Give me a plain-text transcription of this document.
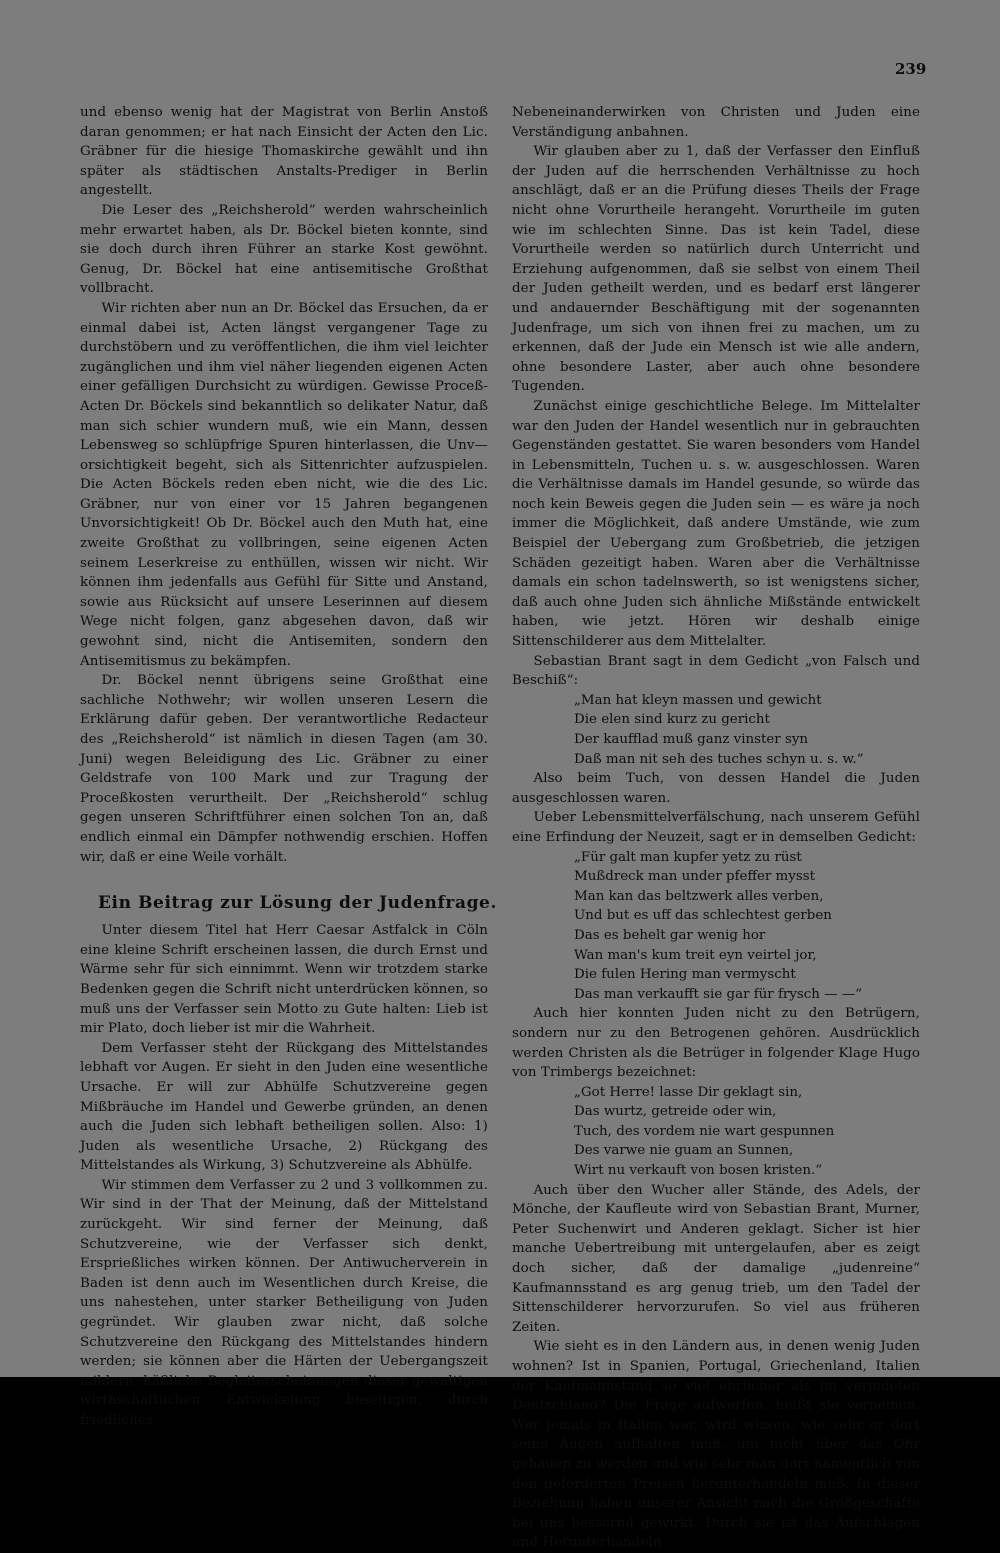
239

und ebenso wenig hat der Magistrat von Berlin Anstoß daran genommen; er hat nach Einsicht der Acten den Lic. Gräbner für die hiesige Thomaskirche gewählt und ihn später als städtischen Anstalts-Prediger in Berlin angestellt.

Die Leser des „Reichsherold“ werden wahrscheinlich mehr erwartet haben, als Dr. Böckel bieten konnte, sind sie doch durch ihren Führer an starke Kost gewöhnt. Genug, Dr. Böckel hat eine antisemitische Großthat vollbracht.

Wir richten aber nun an Dr. Böckel das Ersuchen, da er einmal dabei ist, Acten längst vergangener Tage zu durchstöbern und zu veröffentlichen, die ihm viel leichter zugänglichen und ihm viel näher liegenden eigenen Acten einer gefälligen Durchsicht zu würdigen. Gewisse Proceß-Acten Dr. Böckels sind bekanntlich so delikater Natur, daß man sich schier wundern muß, wie ein Mann, dessen Lebensweg so schlüpfrige Spuren hinterlassen, die Unv—orsichtigkeit begeht, sich als Sittenrichter aufzuspielen. Die Acten Böckels reden eben nicht, wie die des Lic. Gräbner, nur von einer vor 15 Jahren begangenen Unvorsichtigkeit! Ob Dr. Böckel auch den Muth hat, eine zweite Großthat zu vollbringen, seine eigenen Acten seinem Leserkreise zu enthüllen, wissen wir nicht. Wir können ihm jedenfalls aus Gefühl für Sitte und Anstand, sowie aus Rücksicht auf unsere Leserinnen auf diesem Wege nicht folgen, ganz abgesehen davon, daß wir gewohnt sind, nicht die Antisemiten, sondern den Antisemitismus zu bekämpfen.

Dr. Böckel nennt übrigens seine Großthat eine sachliche Nothwehr; wir wollen unseren Lesern die Erklärung dafür geben. Der verantwortliche Redacteur des „Reichsherold“ ist nämlich in diesen Tagen (am 30. Juni) wegen Beleidigung des Lic. Gräbner zu einer Geldstrafe von 100 Mark und zur Tragung der Proceßkosten verurtheilt. Der „Reichsherold“ schlug gegen unseren Schriftführer einen solchen Ton an, daß endlich einmal ein Dämpfer nothwendig erschien. Hoffen wir, daß er eine Weile vorhält.

Ein Beitrag zur Lösung der Judenfrage.

Unter diesem Titel hat Herr Caesar Astfalck in Cöln eine kleine Schrift erscheinen lassen, die durch Ernst und Wärme sehr für sich einnimmt. Wenn wir trotzdem starke Bedenken gegen die Schrift nicht unterdrücken können, so muß uns der Verfasser sein Motto zu Gute halten: Lieb ist mir Plato, doch lieber ist mir die Wahrheit.

Dem Verfasser steht der Rückgang des Mittelstandes lebhaft vor Augen. Er sieht in den Juden eine wesentliche Ursache. Er will zur Abhülfe Schutzvereine gegen Mißbräuche im Handel und Gewerbe gründen, an denen auch die Juden sich lebhaft betheiligen sollen. Also: 1) Juden als wesentliche Ursache, 2) Rückgang des Mittelstandes als Wirkung, 3) Schutzvereine als Abhülfe.

Wir stimmen dem Verfasser zu 2 und 3 vollkommen zu. Wir sind in der That der Meinung, daß der Mittelstand zurückgeht. Wir sind ferner der Meinung, daß Schutzvereine, wie der Verfasser sich denkt, Ersprießliches wirken können. Der Antiwucherverein in Baden ist denn auch im Wesentlichen durch Kreise, die uns nahestehen, unter starker Betheiligung von Juden gegründet. Wir glauben zwar nicht, daß solche Schutzvereine den Rückgang des Mittelstandes hindern werden; sie können aber die Härten der Uebergangszeit mildern, häßliche Begleiterscheinungen dieser gewaltigen wirthschaftlichen Entwickelung beseitigen, durch friedliches

Nebeneinanderwirken von Christen und Juden eine Verständigung anbahnen.

Wir glauben aber zu 1, daß der Verfasser den Einfluß der Juden auf die herrschenden Verhältnisse zu hoch anschlägt, daß er an die Prüfung dieses Theils der Frage nicht ohne Vorurtheile herangeht. Vorurtheile im guten wie im schlechten Sinne. Das ist kein Tadel, diese Vorurtheile werden so natürlich durch Unterricht und Erziehung aufgenommen, daß sie selbst von einem Theil der Juden getheilt werden, und es bedarf erst längerer und andauernder Beschäftigung mit der sogenannten Judenfrage, um sich von ihnen frei zu machen, um zu erkennen, daß der Jude ein Mensch ist wie alle andern, ohne besondere Laster, aber auch ohne besondere Tugenden.

Zunächst einige geschichtliche Belege. Im Mittelalter war den Juden der Handel wesentlich nur in gebrauchten Gegenständen gestattet. Sie waren besonders vom Handel in Lebensmitteln, Tuchen u. s. w. ausgeschlossen. Waren die Verhältnisse damals im Handel gesunde, so würde das noch kein Beweis gegen die Juden sein — es wäre ja noch immer die Möglichkeit, daß andere Umstände, wie zum Beispiel der Uebergang zum Großbetrieb, die jetzigen Schäden gezeitigt haben. Waren aber die Verhältnisse damals ein schon tadelnswerth, so ist wenigstens sicher, daß auch ohne Juden sich ähnliche Mißstände entwickelt haben, wie jetzt. Hören wir deshalb einige Sittenschilderer aus dem Mittelalter.

Sebastian Brant sagt in dem Gedicht „von Falsch und Beschiß“:

„Man hat kleyn massen und gewicht
Die elen sind kurz zu gericht
Der kaufflad muß ganz vinster syn
Daß man nit seh des tuches schyn u. s. w.“

Also beim Tuch, von dessen Handel die Juden ausgeschlossen waren.

Ueber Lebensmittelverfälschung, nach unserem Gefühl eine Erfindung der Neuzeit, sagt er in demselben Gedicht:

„Für galt man kupfer yetz zu rüst
Mußdreck man under pfeffer mysst
Man kan das beltzwerk alles verben,
Und but es uff das schlechtest gerben
Das es behelt gar wenig hor
Wan man's kum treit eyn veirtel jor,
Die fulen Hering man vermyscht
Das man verkaufft sie gar für frysch — —“

Auch hier konnten Juden nicht zu den Betrügern, sondern nur zu den Betrogenen gehören. Ausdrücklich werden Christen als die Betrüger in folgender Klage Hugo von Trimbergs bezeichnet:

„Got Herre! lasse Dir geklagt sin,
Das wurtz, getreide oder win,
Tuch, des vordem nie wart gespunnen
Des varwe nie guam an Sunnen,
Wirt nu verkauft von bosen kristen.“

Auch über den Wucher aller Stände, des Adels, der Mönche, der Kaufleute wird von Sebastian Brant, Murner, Peter Suchenwirt und Anderen geklagt. Sicher ist hier manche Uebertreibung mit untergelaufen, aber es zeigt doch sicher, daß der damalige „judenreine“ Kaufmannsstand es arg genug trieb, um den Tadel der Sittenschilderer hervorzurufen. So viel aus früheren Zeiten.

Wie sieht es in den Ländern aus, in denen wenig Juden wohnen? Ist in Spanien, Portugal, Griechenland, Italien der Kaufmannstand so viel ehrlicher als im verjudeten Deutschland? Die Frage aufwerfen, heißt sie verneinen. Wer jemals in Italien war, wird wissen, wie sehr er dort seine Augen aufhalten muß, um nicht über das Ohr gehauen zu werden und wie sehr man dort namentlich von den geforderten Preisen herunterhandeln muß. In dieser Beziehung haben unserer Ansicht nach die Großgeschäfte bei uns bessernd gewirkt. Durch sie ist das Aufschlagen und Herunterhandeln
